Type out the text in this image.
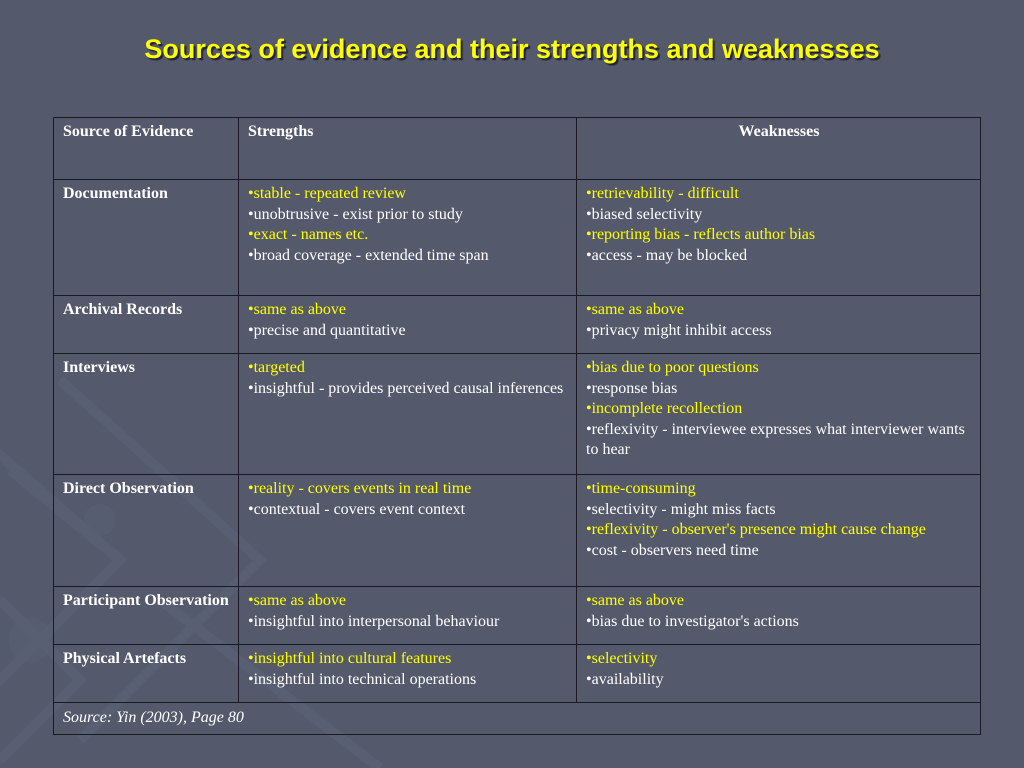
Sources of evidence and their strengths and weaknesses
Source of Evidence	Strengths	Weaknesses
Documentation	• stable - repeated review
• unobtrusive - exist prior to study
• exact - names etc.
• broad coverage - extended time span	• retrievability - difficult
• biased selectivity
• reporting bias - reflects author bias
• access - may be blocked

Archival Records	• same as above
• precise and quantitative	• same as above
• privacy might inhibit access

Interviews	• targeted
• insightful - provides perceived causal inferences	• bias due to poor questions
• response bias
• incomplete recollection
• reflexivity - interviewee expresses what interviewer wants to hear

Direct Observation	• reality - covers events in real time
• contextual - covers event context	• time-consuming
• selectivity - might miss facts
• reflexivity - observer's presence might cause change
• cost - observers need time

Participant Observation	• same as above
• insightful into interpersonal behaviour	• same as above
• bias due to investigator's actions

Physical Artefacts	• insightful into cultural features
• insightful into technical operations	• selectivity
• availability

Source: Yin (2003), Page 80		
